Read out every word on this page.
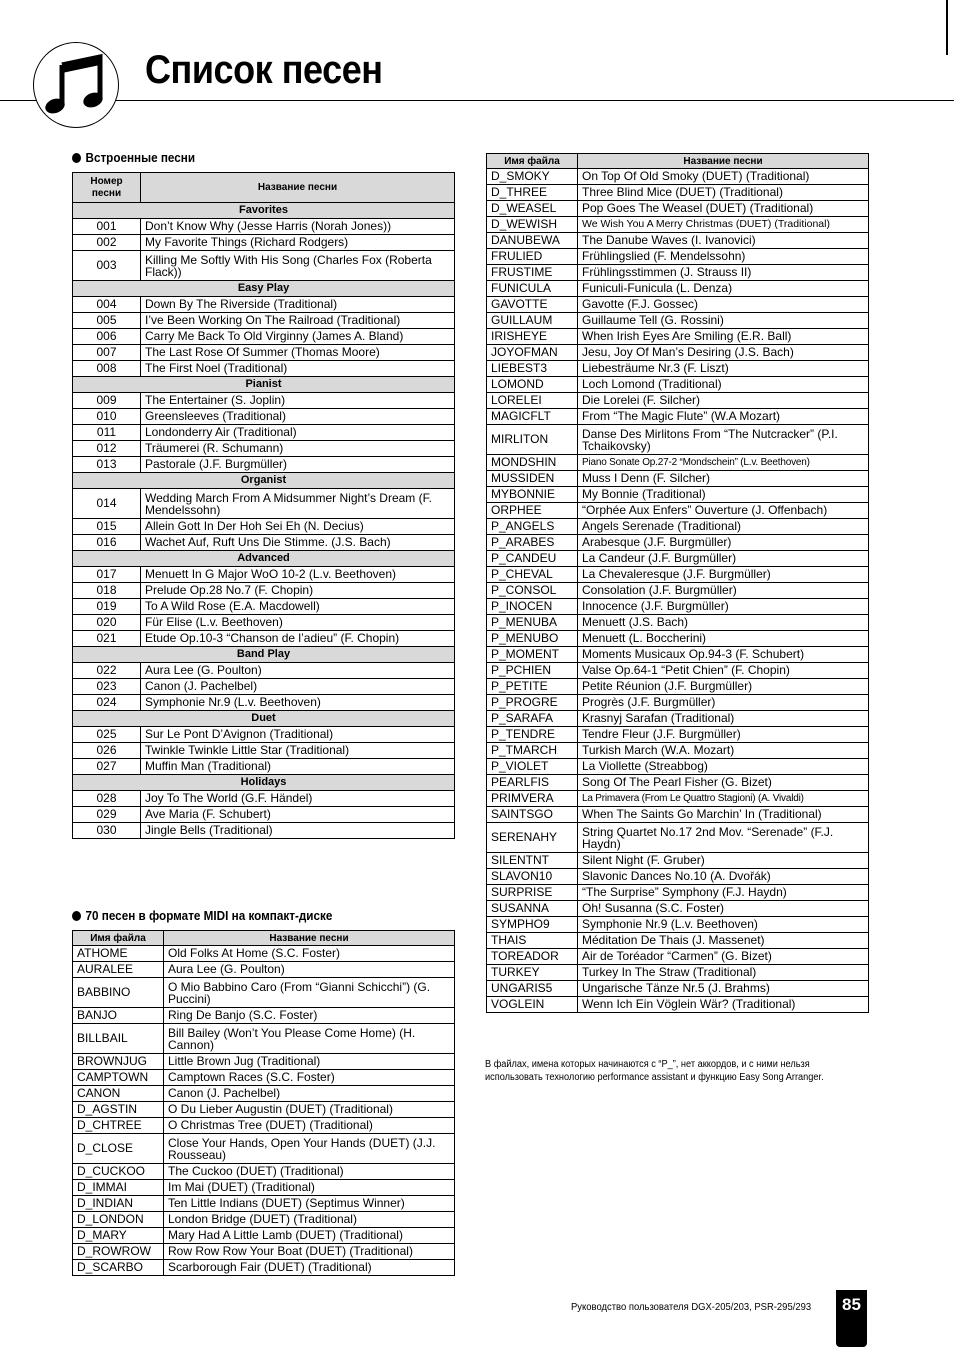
Список песен
Встроенные песни
Номер песни	Название песни
Favorites	
001	Don’t Know Why (Jesse Harris (Norah Jones))
002	My Favorite Things (Richard Rodgers)
003	Killing Me Softly With His Song (Charles Fox (Roberta Flack))
Easy Play	
004	Down By The Riverside (Traditional)
005	I’ve Been Working On The Railroad (Traditional)
006	Carry Me Back To Old Virginny (James A. Bland)
007	The Last Rose Of Summer (Thomas Moore)
008	The First Noel (Traditional)
Pianist	
009	The Entertainer (S. Joplin)
010	Greensleeves (Traditional)
011	Londonderry Air (Traditional)
012	Träumerei (R. Schumann)
013	Pastorale (J.F. Burgmüller)
Organist	
014	Wedding March From A Midsummer Night’s Dream (F. Mendelssohn)
015	Allein Gott In Der Hoh Sei Eh (N. Decius)
016	Wachet Auf, Ruft Uns Die Stimme. (J.S. Bach)
Advanced	
017	Menuett In G Major WoO 10-2 (L.v. Beethoven)
018	Prelude Op.28 No.7 (F. Chopin)
019	To A Wild Rose (E.A. Macdowell)
020	Für Elise (L.v. Beethoven)
021	Etude Op.10-3 “Chanson de l’adieu” (F. Chopin)
Band Play	
022	Aura Lee (G. Poulton)
023	Canon (J. Pachelbel)
024	Symphonie Nr.9 (L.v. Beethoven)
Duet	
025	Sur Le Pont D’Avignon (Traditional)
026	Twinkle Twinkle Little Star (Traditional)
027	Muffin Man (Traditional)
Holidays	
028	Joy To The World (G.F. Händel)
029	Ave Maria (F. Schubert)
030	Jingle Bells (Traditional)
70 песен в формате MIDI на компакт-диске
Имя файла	Название песни
ATHOME	Old Folks At Home (S.C. Foster)
AURALEE	Aura Lee (G. Poulton)
BABBINO	O Mio Babbino Caro (From “Gianni Schicchi”) (G. Puccini)
BANJO	Ring De Banjo (S.C. Foster)
BILLBAIL	Bill Bailey (Won’t You Please Come Home) (H. Cannon)
BROWNJUG	Little Brown Jug (Traditional)
CAMPTOWN	Camptown Races (S.C. Foster)
CANON	Canon (J. Pachelbel)
D_AGSTIN	O Du Lieber Augustin (DUET) (Traditional)
D_CHTREE	O Christmas Tree (DUET) (Traditional)
D_CLOSE	Close Your Hands, Open Your Hands (DUET) (J.J. Rousseau)
D_CUCKOO	The Cuckoo (DUET) (Traditional)
D_IMMAI	Im Mai (DUET) (Traditional)
D_INDIAN	Ten Little Indians (DUET) (Septimus Winner)
D_LONDON	London Bridge (DUET) (Traditional)
D_MARY	Mary Had A Little Lamb (DUET) (Traditional)
D_ROWROW	Row Row Row Your Boat (DUET) (Traditional)
D_SCARBO	Scarborough Fair (DUET) (Traditional)
Имя файла	Название песни
D_SMOKY	On Top Of Old Smoky (DUET) (Traditional)
D_THREE	Three Blind Mice (DUET) (Traditional)
D_WEASEL	Pop Goes The Weasel (DUET) (Traditional)
D_WEWISH	We Wish You A Merry Christmas (DUET) (Traditional)
DANUBEWA	The Danube Waves (I. Ivanovici)
FRULIED	Frühlingslied (F. Mendelssohn)
FRUSTIME	Frühlingsstimmen (J. Strauss II)
FUNICULA	Funiculi-Funicula (L. Denza)
GAVOTTE	Gavotte (F.J. Gossec)
GUILLAUM	Guillaume Tell (G. Rossini)
IRISHEYE	When Irish Eyes Are Smiling (E.R. Ball)
JOYOFMAN	Jesu, Joy Of Man’s Desiring (J.S. Bach)
LIEBEST3	Liebesträume Nr.3 (F. Liszt)
LOMOND	Loch Lomond (Traditional)
LORELEI	Die Lorelei (F. Silcher)
MAGICFLT	From “The Magic Flute” (W.A Mozart)
MIRLITON	Danse Des Mirlitons From “The Nutcracker” (P.I. Tchaikovsky)
MONDSHIN	Piano Sonate Op.27-2 “Mondschein” (L.v. Beethoven)
MUSSIDEN	Muss I Denn (F. Silcher)
MYBONNIE	My Bonnie (Traditional)
ORPHEE	“Orphée Aux Enfers” Ouverture (J. Offenbach)
P_ANGELS	Angels Serenade (Traditional)
P_ARABES	Arabesque (J.F. Burgmüller)
P_CANDEU	La Candeur (J.F. Burgmüller)
P_CHEVAL	La Chevaleresque (J.F. Burgmüller)
P_CONSOL	Consolation (J.F. Burgmüller)
P_INOCEN	Innocence (J.F. Burgmüller)
P_MENUBA	Menuett (J.S. Bach)
P_MENUBO	Menuett (L. Boccherini)
P_MOMENT	Moments Musicaux Op.94-3 (F. Schubert)
P_PCHIEN	Valse Op.64-1 “Petit Chien” (F. Chopin)
P_PETITE	Petite Réunion (J.F. Burgmüller)
P_PROGRE	Progrès (J.F. Burgmüller)
P_SARAFA	Krasnyj Sarafan (Traditional)
P_TENDRE	Tendre Fleur (J.F. Burgmüller)
P_TMARCH	Turkish March (W.A. Mozart)
P_VIOLET	La Viollette (Streabbog)
PEARLFIS	Song Of The Pearl Fisher (G. Bizet)
PRIMVERA	La Primavera (From Le Quattro Stagioni) (A. Vivaldi)
SAINTSGO	When The Saints Go Marchin’ In (Traditional)
SERENAHY	String Quartet No.17 2nd Mov. “Serenade” (F.J. Haydn)
SILENTNT	Silent Night (F. Gruber)
SLAVON10	Slavonic Dances No.10 (A. Dvořák)
SURPRISE	“The Surprise” Symphony (F.J. Haydn)
SUSANNA	Oh! Susanna (S.C. Foster)
SYMPHO9	Symphonie Nr.9 (L.v. Beethoven)
THAIS	Méditation De Thais (J. Massenet)
TOREADOR	Air de Toréador “Carmen” (G. Bizet)
TURKEY	Turkey In The Straw (Traditional)
UNGARIS5	Ungarische Tänze Nr.5 (J. Brahms)
VOGLEIN	Wenn Ich Ein Vöglein Wär? (Traditional)
В файлах, имена которых начинаются с “P_”, нет аккордов, и с ними нельзя использовать технологию performance assistant и функцию Easy Song Arranger.
Руководство пользователя DGX-205/203, PSR-295/293	85
